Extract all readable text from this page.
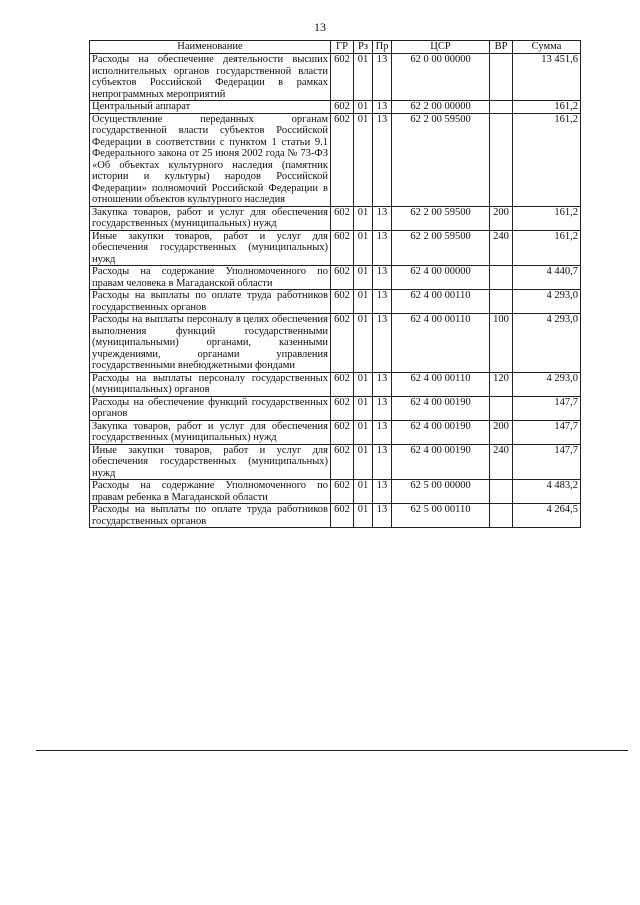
13
Наименование	ГР	Рз	Пр	ЦСР	ВР	Сумма
Расходы на обеспечение деятельности высших исполнительных органов государственной власти субъектов Российской Федерации в рамках непрограммных мероприятий	602	01	13	62 0 00 00000		13 451,6
Центральный аппарат	602	01	13	62 2 00 00000		161,2
Осуществление переданных органам государственной власти субъектов Российской Федерации в соответствии с пунктом 1 статьи 9.1 Федерального закона от 25 июня 2002 года № 73-ФЗ «Об объектах культурного наследия (памятник истории и культуры) народов Российской Федерации» полномочий Российской Федерации в отношении объектов культурного наследия	602	01	13	62 2 00 59500		161,2
Закупка товаров, работ и услуг для обеспечения государственных (муниципальных) нужд	602	01	13	62 2 00 59500	200	161,2
Иные закупки товаров, работ и услуг для обеспечения государственных (муниципальных) нужд	602	01	13	62 2 00 59500	240	161,2
Расходы на содержание Уполномоченного по правам человека в Магаданской области	602	01	13	62 4 00 00000		4 440,7
Расходы на выплаты по оплате труда работников государственных органов	602	01	13	62 4 00 00110		4 293,0
Расходы на выплаты персоналу в целях обеспечения выполнения функций государственными (муниципальными) органами, казенными учреждениями, органами управления государственными внебюджетными фондами	602	01	13	62 4 00 00110	100	4 293,0
Расходы на выплаты персоналу государственных (муниципальных) органов	602	01	13	62 4 00 00110	120	4 293,0
Расходы на обеспечение функций государственных органов	602	01	13	62 4 00 00190		147,7
Закупка товаров, работ и услуг для обеспечения государственных (муниципальных) нужд	602	01	13	62 4 00 00190	200	147,7
Иные закупки товаров, работ и услуг для обеспечения государственных (муниципальных) нужд	602	01	13	62 4 00 00190	240	147,7
Расходы на содержание Уполномоченного по правам ребенка в Магаданской области	602	01	13	62 5 00 00000		4 483,2
Расходы на выплаты по оплате труда работников государственных органов	602	01	13	62 5 00 00110		4 264,5
